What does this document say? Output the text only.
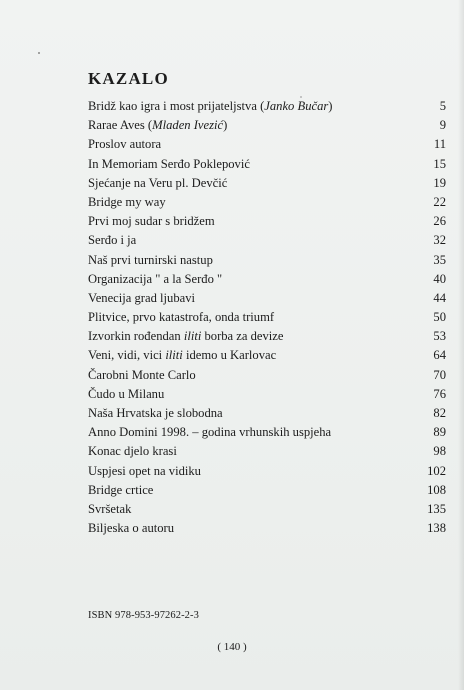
KAZALO
Bridž kao igra i most prijateljstva (Janko Bučar)	5
Rarae Aves (Mladen Ivezić)	9
Proslov autora	11
In Memoriam Serđo Poklepović	15
Sjećanje na Veru pl. Devčić	19
Bridge my way	22
Prvi moj sudar s bridžem	26
Serđo i ja	32
Naš prvi turnirski nastup	35
Organizacija " a la Serđo "	40
Venecija grad ljubavi	44
Plitvice, prvo katastrofa, onda triumf	50
Izvorkin rođendan iliti borba za devize	53
Veni, vidi, vici iliti idemo u Karlovac	64
Čarobni Monte Carlo	70
Čudo u Milanu	76
Naša Hrvatska je slobodna	82
Anno Domini 1998. – godina vrhunskih uspjeha	89
Konac djelo krasi	98
Uspjesi opet na vidiku	102
Bridge crtice	108
Svršetak	135
Biljeska o autoru	138
ISBN 978-953-97262-2-3
( 140 )
